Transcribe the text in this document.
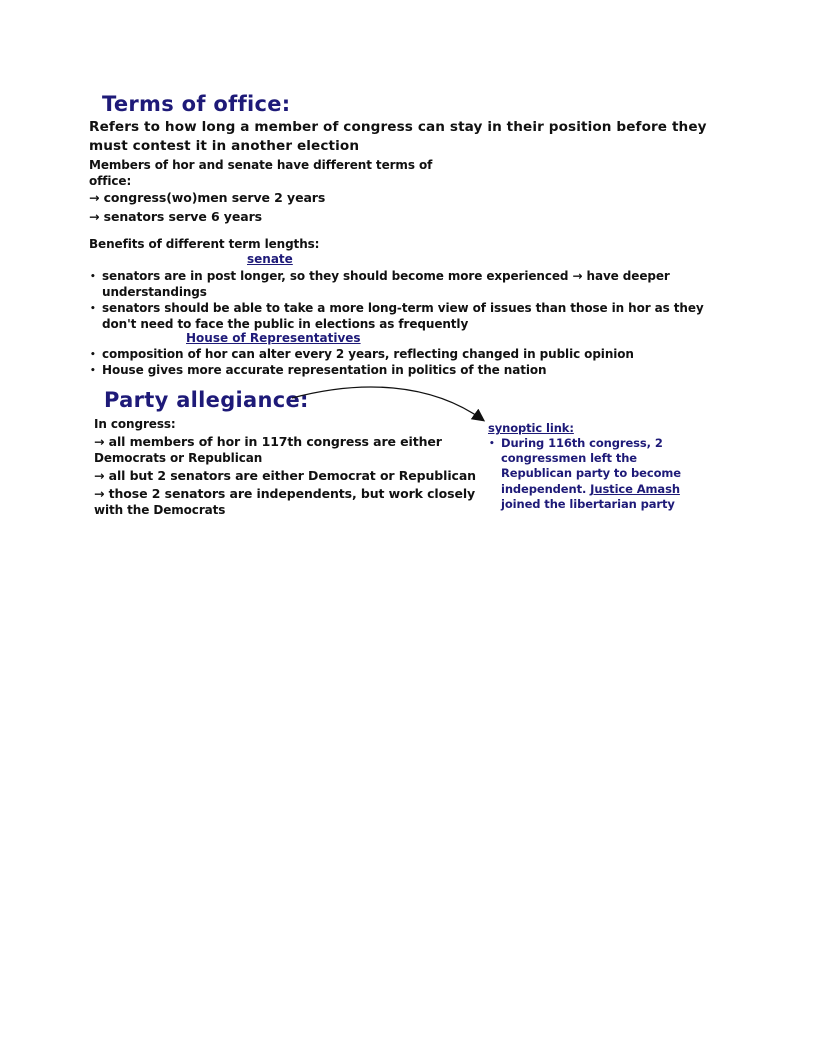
Terms of office:
Refers to how long a member of congress can stay in their position before they
must contest it in another election
Members of hor and senate have different terms of
office:
→ congress(wo)men serve 2 years
→ senators serve 6 years
Benefits of different term lengths:
senate
• senators are in post longer, so they should become more experienced → have deeper
understandings
• senators should be able to take a more long-term view of issues than those in hor as they
don't need to face the public in elections as frequently
House of Representatives
• composition of hor can alter every 2 years, reflecting changed in public opinion
• House gives more accurate representation in politics of the nation
Party allegiance:
In congress:
→ all members of hor in 117th congress are either
Democrats or Republican
→ all but 2 senators are either Democrat or Republican
→ those 2 senators are independents, but work closely
with the Democrats
synoptic link:
• During 116th congress, 2
congressmen left the
Republican party to become
independent. Justice Amash
joined the libertarian party
